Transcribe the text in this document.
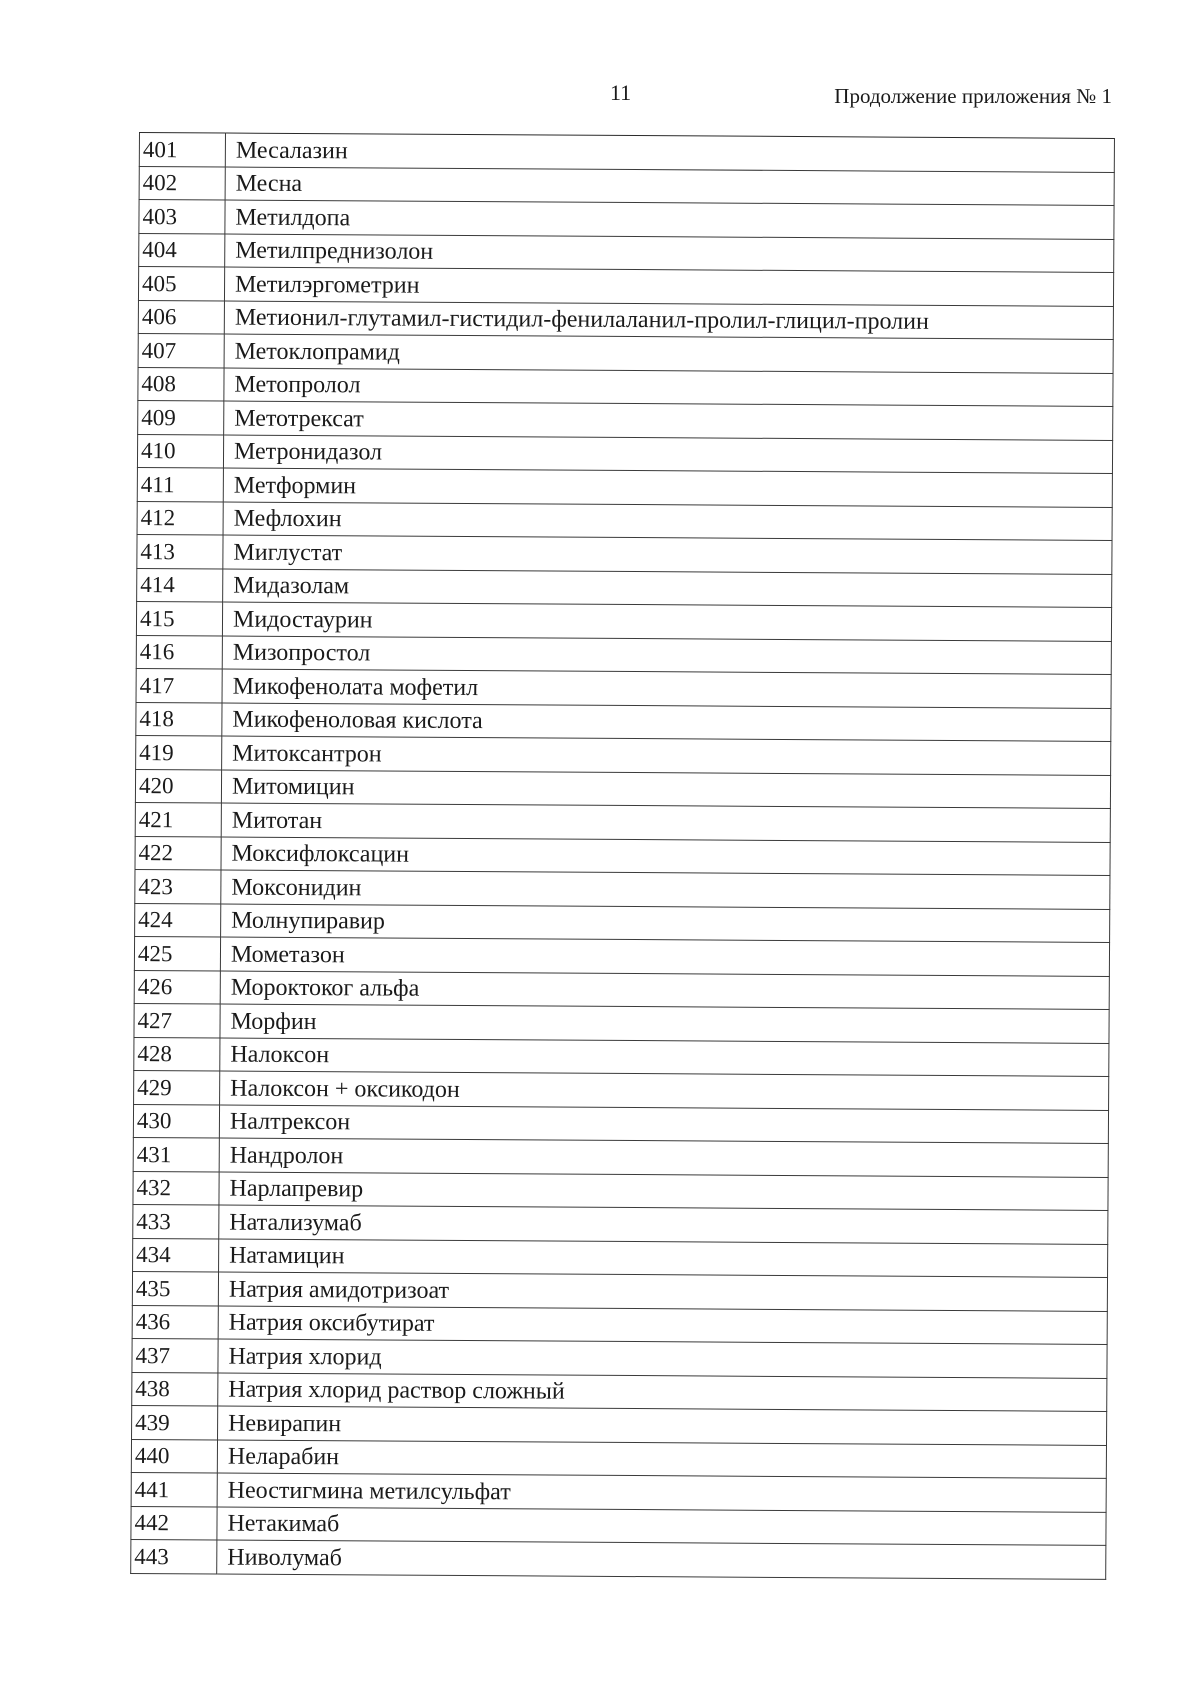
11	Продолжение приложения № 1
401	Месалазин
402	Месна
403	Метилдопа
404	Метилпреднизолон
405	Метилэргометрин
406	Метионил-глутамил-гистидил-фенилаланил-пролил-глицил-пролин
407	Метоклопрамид
408	Метопролол
409	Метотрексат
410	Метронидазол
411	Метформин
412	Мефлохин
413	Миглустат
414	Мидазолам
415	Мидостаурин
416	Мизопростол
417	Микофенолата мофетил
418	Микофеноловая кислота
419	Митоксантрон
420	Митомицин
421	Митотан
422	Моксифлоксацин
423	Моксонидин
424	Молнупиравир
425	Мометазон
426	Мороктоког альфа
427	Морфин
428	Налоксон
429	Налоксон + оксикодон
430	Налтрексон
431	Нандролон
432	Нарлапревир
433	Натализумаб
434	Натамицин
435	Натрия амидотризоат
436	Натрия оксибутират
437	Натрия хлорид
438	Натрия хлорид раствор сложный
439	Невирапин
440	Неларабин
441	Неостигмина метилсульфат
442	Нетакимаб
443	Ниволумаб
